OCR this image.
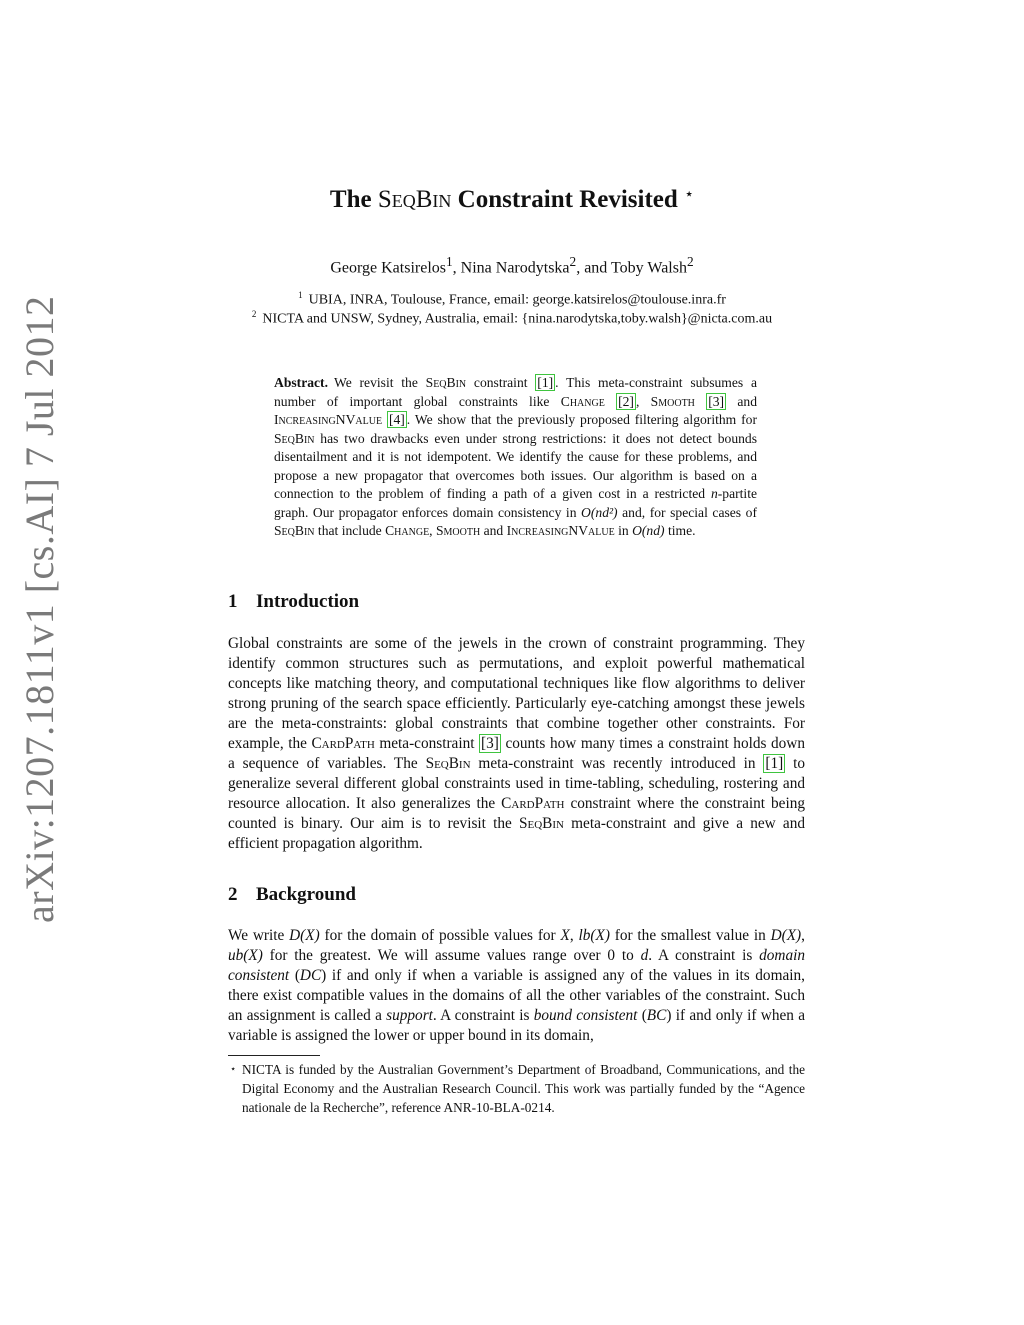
arXiv:1207.1811v1 [cs.AI] 7 Jul 2012
The SeqBin Constraint Revisited ⋆
George Katsirelos$^1$, Nina Narodytska$^2$, and Toby Walsh$^2$
$^1$ UBIA, INRA, Toulouse, France, email: george.katsirelos@toulouse.inra.fr
$^2$ NICTA and UNSW, Sydney, Australia, email: {nina.narodytska,toby.walsh}@nicta.com.au
Abstract. We revisit the SeqBin constraint [1] . This meta-constraint subsumes a number of important global constraints like Change [2] , Smooth [3] and IncreasingNValue [4] . We show that the previously proposed filtering algorithm for SeqBin has two drawbacks even under strong restrictions: it does not detect bounds disentailment and it is not idempotent. We identify the cause for these problems, and propose a new propagator that overcomes both issues. Our algorithm is based on a connection to the problem of finding a path of a given cost in a restricted n-partite graph. Our propagator enforces domain consistency in O(nd²) and, for special cases of SeqBin that include Change, Smooth and IncreasingNValue in O(nd) time.
1 Introduction
Global constraints are some of the jewels in the crown of constraint programming. They identify common structures such as permutations, and exploit powerful mathematical concepts like matching theory, and computational techniques like flow algorithms to deliver strong pruning of the search space efficiently. Particularly eye-catching amongst these jewels are the meta-constraints: global constraints that combine together other constraints. For example, the CardPath meta-constraint [3] counts how many times a constraint holds down a sequence of variables. The SeqBin meta-constraint was recently introduced in [1] to generalize several different global constraints used in time-tabling, scheduling, rostering and resource allocation. It also generalizes the CardPath constraint where the constraint being counted is binary. Our aim is to revisit the SeqBin meta-constraint and give a new and efficient propagation algorithm.
2 Background
We write D(X) for the domain of possible values for X, lb(X) for the smallest value in D(X), ub(X) for the greatest. We will assume values range over 0 to d. A constraint is domain consistent (DC) if and only if when a variable is assigned any of the values in its domain, there exist compatible values in the domains of all the other variables of the constraint. Such an assignment is called a support. A constraint is bound consistent (BC) if and only if when a variable is assigned the lower or upper bound in its domain,
⋆ NICTA is funded by the Australian Government’s Department of Broadband, Communications, and the Digital Economy and the Australian Research Council. This work was partially funded by the “Agence nationale de la Recherche”, reference ANR-10-BLA-0214.
